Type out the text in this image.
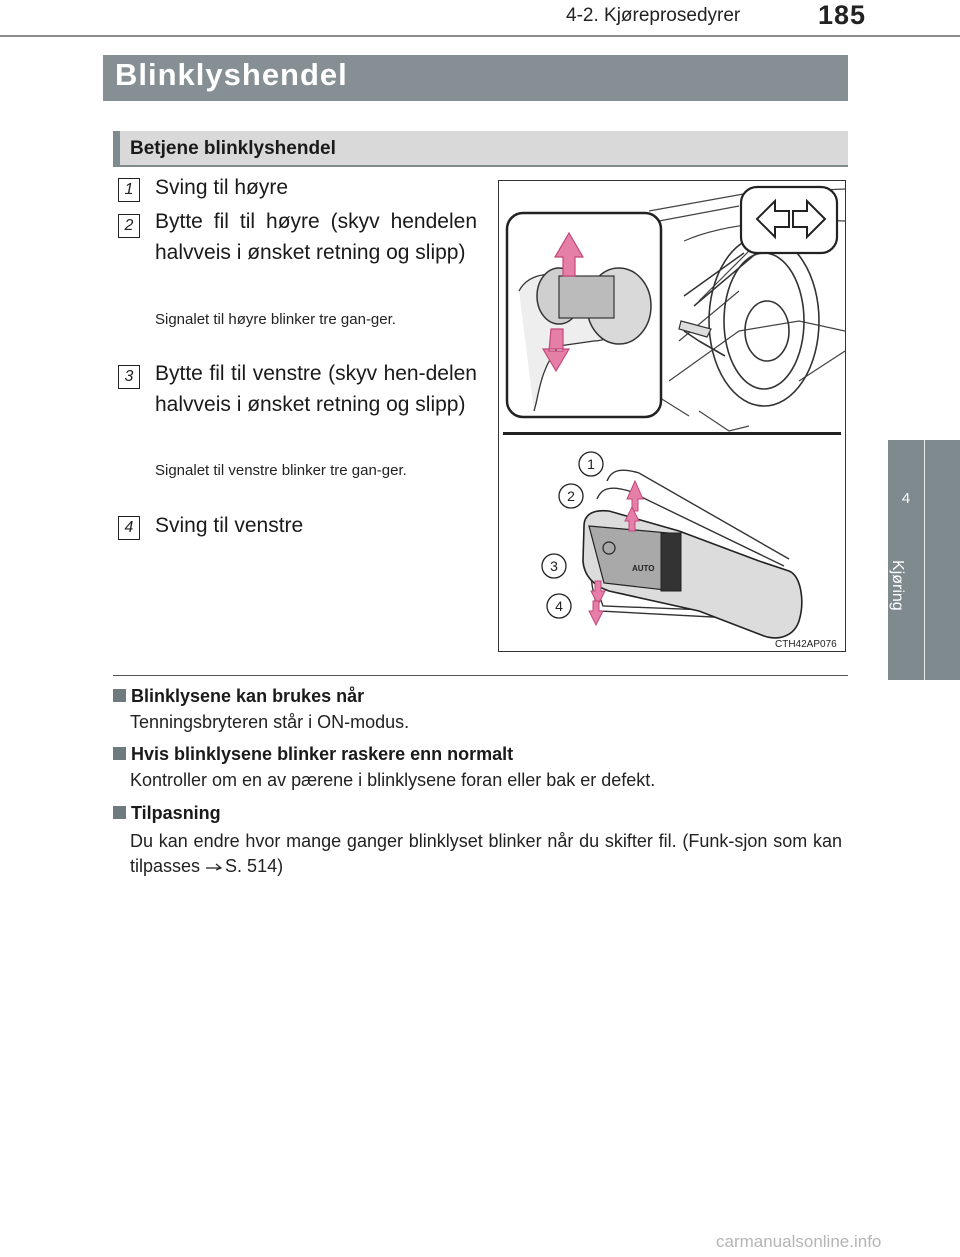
4-2. Kjøreprosedyrer	185
4
Kjøring
Blinklyshendel
Betjene blinklyshendel
1	Sving til høyre
2	Bytte fil til høyre (skyv hendelen halvveis i ønsket retning og slipp)
Signalet til høyre blinker tre gan-ger.
3	Bytte fil til venstre (skyv hen-delen halvveis i ønsket retning og slipp)
Signalet til venstre blinker tre gan-ger.
4	Sving til venstre
AUTO
1
2
3
4
CTH42AP076
Blinklysene kan brukes når
Tenningsbryteren står i ON-modus.
Hvis blinklysene blinker raskere enn normalt
Kontroller om en av pærene i blinklysene foran eller bak er defekt.
Tilpasning
Du kan endre hvor mange ganger blinklyset blinker når du skifter fil. (Funk-sjon som kan tilpasses S. 514)
carmanualsonline.info
